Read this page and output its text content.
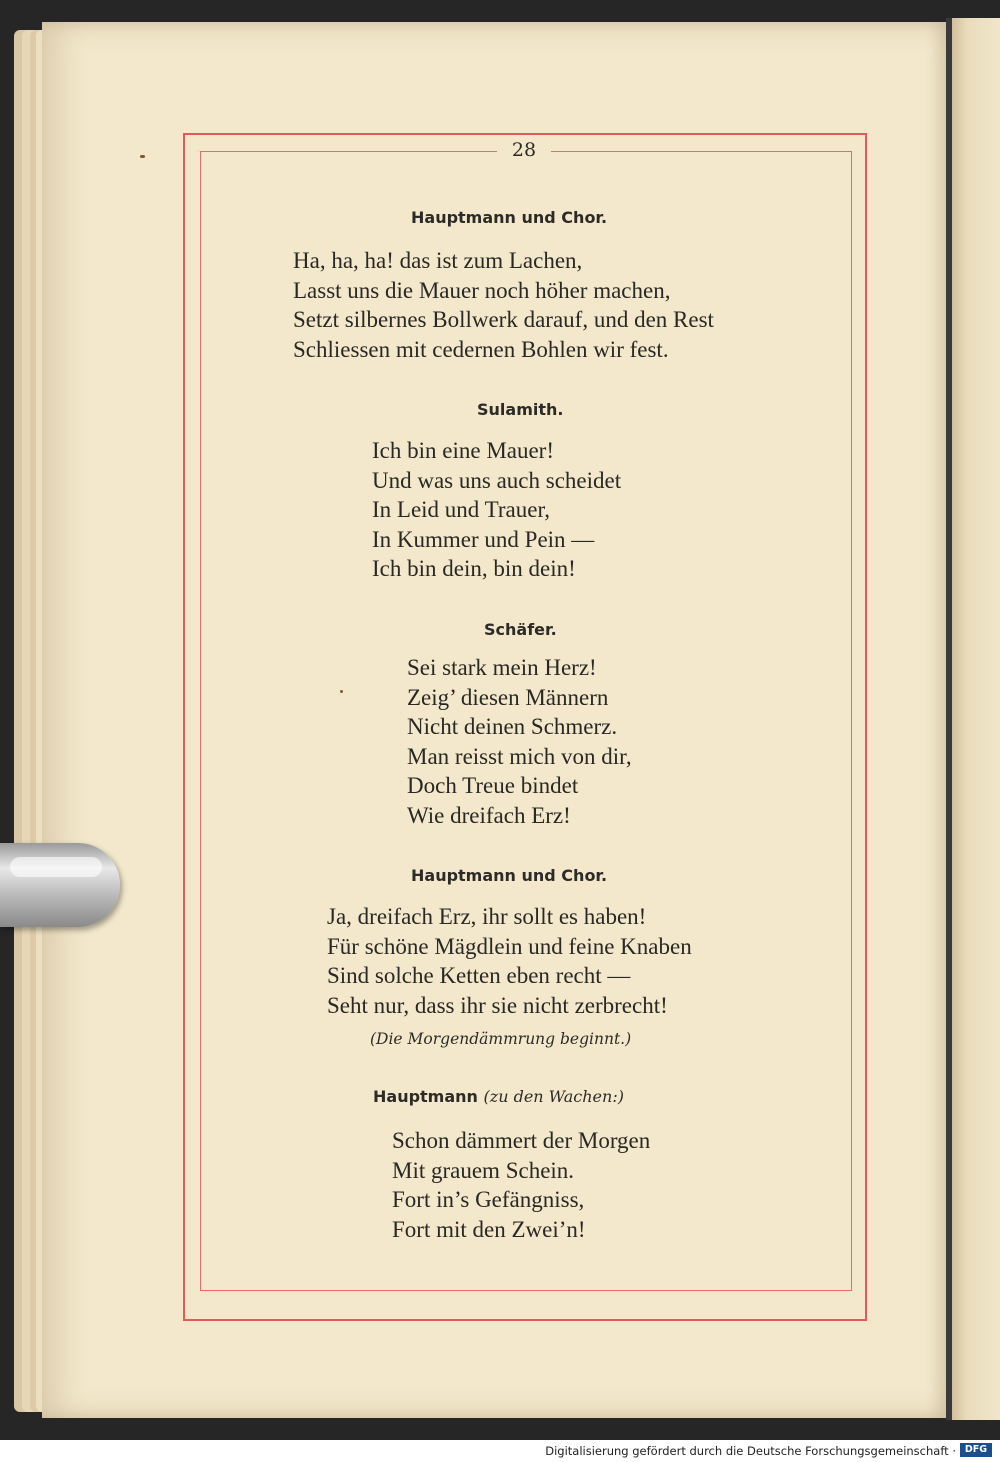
28
Hauptmann und Chor.
Ha, ha, ha! das ist zum Lachen,
Lasst uns die Mauer noch höher machen,
Setzt silbernes Bollwerk darauf, und den Rest
Schliessen mit cedernen Bohlen wir fest.
Sulamith.
Ich bin eine Mauer!
Und was uns auch scheidet
In Leid und Trauer,
In Kummer und Pein —
Ich bin dein, bin dein!
Schäfer.
Sei stark mein Herz!
Zeig’ diesen Männern
Nicht deinen Schmerz.
Man reisst mich von dir,
Doch Treue bindet
Wie dreifach Erz!
Hauptmann und Chor.
Ja, dreifach Erz, ihr sollt es haben!
Für schöne Mägdlein und feine Knaben
Sind solche Ketten eben recht —
Seht nur, dass ihr sie nicht zerbrecht!
(Die Morgendämmrung beginnt.)
Hauptmann (zu den Wachen:)
Schon dämmert der Morgen
Mit grauem Schein.
Fort in’s Gefängniss,
Fort mit den Zwei’n!
Digitalisierung gefördert durch die Deutsche Forschungsgemeinschaft · DFG
